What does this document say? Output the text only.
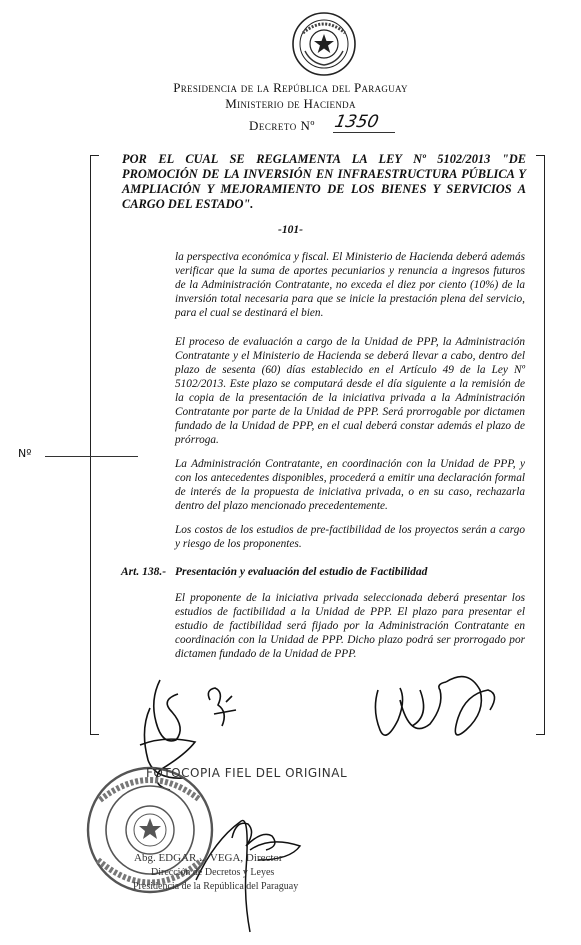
Presidencia de la República del Paraguay
Ministerio de Hacienda
Decreto Nº 1350
POR EL CUAL SE REGLAMENTA LA LEY Nº 5102/2013 "DE PROMOCIÓN DE LA INVERSIÓN EN INFRAESTRUCTURA PÚBLICA Y AMPLIACIÓN Y MEJORAMIENTO DE LOS BIENES Y SERVICIOS A CARGO DEL ESTADO".
-101-
la perspectiva económica y fiscal. El Ministerio de Hacienda deberá además verificar que la suma de aportes pecuniarios y renuncia a ingresos futuros de la Administración Contratante, no exceda el diez por ciento (10%) de la inversión total necesaria para que se inicie la prestación plena del servicio, para el cual se destinará el bien.
El proceso de evaluación a cargo de la Unidad de PPP, la Administración Contratante y el Ministerio de Hacienda se deberá llevar a cabo, dentro del plazo de sesenta (60) días establecido en el Artículo 49 de la Ley Nº 5102/2013. Este plazo se computará desde el día siguiente a la remisión de la copia de la presentación de la iniciativa privada a la Administración Contratante por parte de la Unidad de PPP. Será prorrogable por dictamen fundado de la Unidad de PPP, en el cual deberá constar además el plazo de prórroga.
La Administración Contratante, en coordinación con la Unidad de PPP, y con los antecedentes disponibles, procederá a emitir una declaración formal de interés de la propuesta de iniciativa privada, o en su caso, rechazarla dentro del plazo mencionado precedentemente.
Los costos de los estudios de pre-factibilidad de los proyectos serán a cargo y riesgo de los proponentes.
Art. 138.- Presentación y evaluación del estudio de Factibilidad
El proponente de la iniciativa privada seleccionada deberá presentar los estudios de factibilidad a la Unidad de PPP. El plazo para presentar el estudio de factibilidad será fijado por la Administración Contratante en coordinación con la Unidad de PPP. Dicho plazo podrá ser prorrogado por dictamen fundado de la Unidad de PPP.
Nº
FOTOCOPIA FIEL DEL ORIGINAL
Abg. EDGAR ... VEGA, Director
Dirección de Decretos y Leyes
Presidencia de la República del Paraguay
